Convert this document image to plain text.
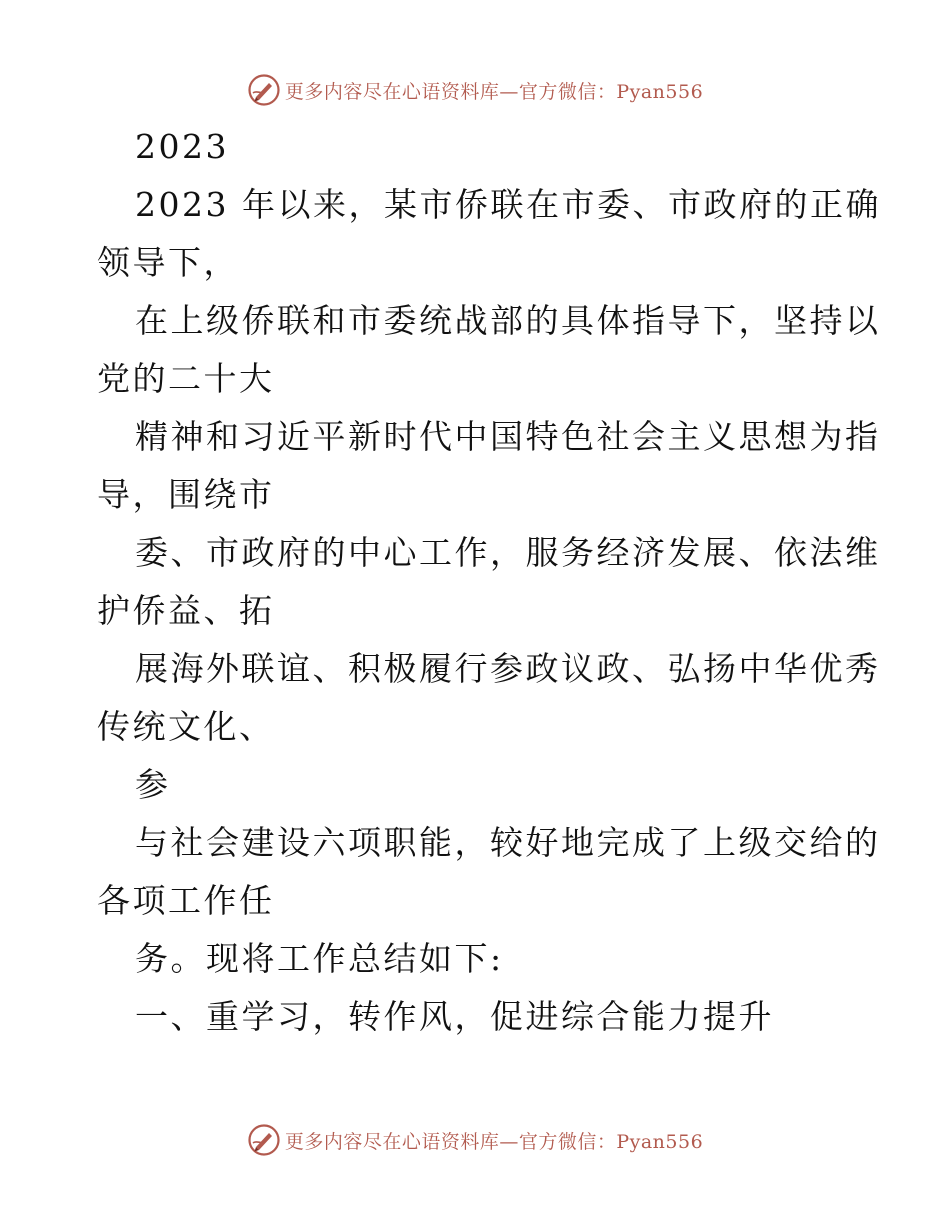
更多内容尽在心语资料库—官方微信：Pyan556
2023
2023 年以来，某市侨联在市委、市政府的正确
领导下，
在上级侨联和市委统战部的具体指导下，坚持以
党的二十大
精神和习近平新时代中国特色社会主义思想为指
导，围绕市
委、市政府的中心工作，服务经济发展、依法维
护侨益、拓
展海外联谊、积极履行参政议政、弘扬中华优秀
传统文化、
参
与社会建设六项职能，较好地完成了上级交给的
各项工作任
务。现将工作总结如下:
一、重学习，转作风，促进综合能力提升
更多内容尽在心语资料库—官方微信：Pyan556
